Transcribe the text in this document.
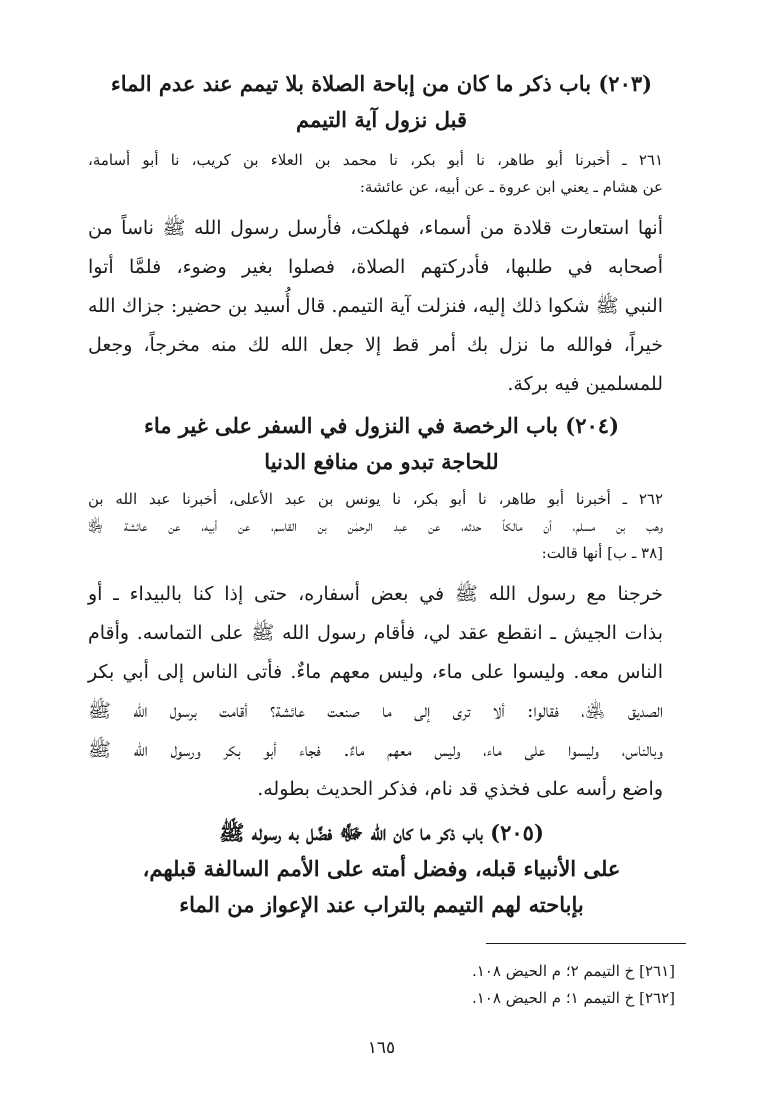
(٢٠٣) باب ذكر ما كان من إباحة الصلاة بلا تيمم عند عدم الماء
قبل نزول آية التيمم
٢٦١ ـ أخبرنا أبو طاهر، نا أبو بكر، نا محمد بن العلاء بن كريب، نا أبو أسامة،
عن هشام ـ يعني ابن عروة ـ عن أبيه، عن عائشة:
أنها استعارت قلادة من أسماء، فهلكت، فأرسل رسول الله ﷺ ناساً من
أصحابه في طلبها، فأدركتهم الصلاة، فصلوا بغير وضوء، فلمَّا أتوا
النبي ﷺ شكوا ذلك إليه، فنزلت آية التيمم. قال أُسيد بن حضير: جزاك الله
خيراً، فوالله ما نزل بك أمر قط إلا جعل الله لك منه مخرجاً، وجعل
للمسلمين فيه بركة.
(٢٠٤) باب الرخصة في النزول في السفر على غير ماء
للحاجة تبدو من منافع الدنيا
٢٦٢ ـ أخبرنا أبو طاهر، نا أبو بكر، نا يونس بن عبد الأعلى، أخبرنا عبد الله بن
وهب بن مسلم، أن مالكاً حدثه، عن عبد الرحمٰن بن القاسم، عن أبيه، عن عائشة ﵂
[٣٨ ـ ب] أنها قالت:
خرجنا مع رسول الله ﷺ في بعض أسفاره، حتى إذا كنا بالبيداء ـ أو
بذات الجيش ـ انقطع عقد لي، فأقام رسول الله ﷺ على التماسه. وأقام
الناس معه. وليسوا على ماء، وليس معهم ماءٌ. فأتى الناس إلى أبي بكر
الصديق ﵁، فقالوا: ألا ترى إلى ما صنعت عائشة؟ أقامت برسول الله ﷺ
وبالناس، وليسوا على ماء، وليس معهم ماءٌ. فجاء أبو بكر ورسول الله ﷺ
واضع رأسه على فخذي قد نام، فذكر الحديث بطوله.
(٢٠٥) باب ذكر ما كان الله ﷻ فضَّل به رسوله ﷺ
على الأنبياء قبله، وفضل أمته على الأمم السالفة قبلهم،
بإباحته لهم التيمم بالتراب عند الإعواز من الماء
[٢٦١] خ التيمم ٢؛ م الحيض ١٠٨.
[٢٦٢] خ التيمم ١؛ م الحيض ١٠٨.
١٦٥
